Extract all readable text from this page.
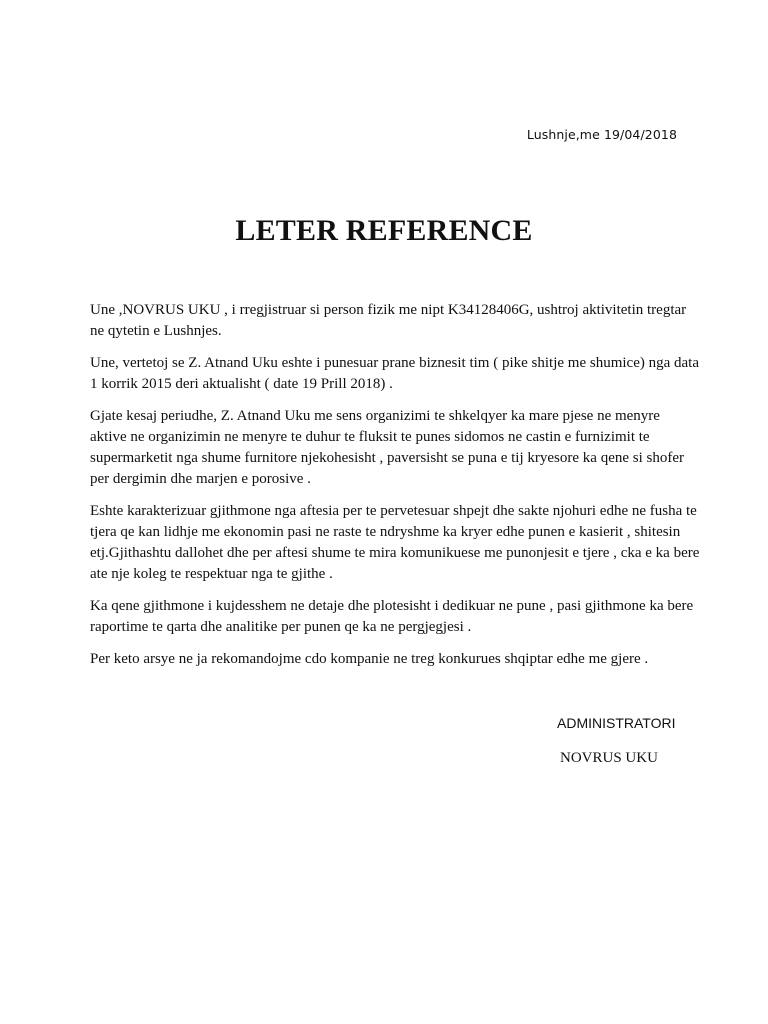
Lushnje,me 19/04/2018
LETER REFERENCE

Une ,NOVRUS UKU , i rregjistruar si person fizik me nipt K34128406G, ushtroj aktivitetin tregtar ne qytetin e Lushnjes.

Une, vertetoj se Z. Atnand Uku eshte i punesuar prane biznesit tim ( pike shitje me shumice) nga data 1 korrik 2015 deri aktualisht ( date 19 Prill 2018) .

Gjate kesaj periudhe, Z. Atnand Uku me sens organizimi te shkelqyer ka mare pjese ne menyre aktive ne organizimin ne menyre te duhur te fluksit te punes sidomos ne castin e furnizimit te supermarketit nga shume furnitore njekohesisht , paversisht se puna e tij kryesore ka qene si shofer per dergimin dhe marjen e porosive .

Eshte karakterizuar gjithmone nga aftesia per te pervetesuar shpejt dhe sakte njohuri edhe ne fusha te tjera qe kan lidhje me ekonomin pasi ne raste te ndryshme ka kryer edhe punen e kasierit , shitesin etj.Gjithashtu dallohet dhe per aftesi shume te mira komunikuese me punonjesit e tjere , cka e ka bere ate nje koleg te respektuar nga te gjithe .

Ka qene gjithmone i kujdesshem ne detaje dhe plotesisht i dedikuar ne pune , pasi gjithmone ka bere raportime te qarta dhe analitike per punen qe ka ne pergjegjesi .

Per keto arsye ne ja rekomandojme cdo kompanie ne treg konkurues shqiptar edhe me gjere .

ADMINISTRATORI
NOVRUS UKU
